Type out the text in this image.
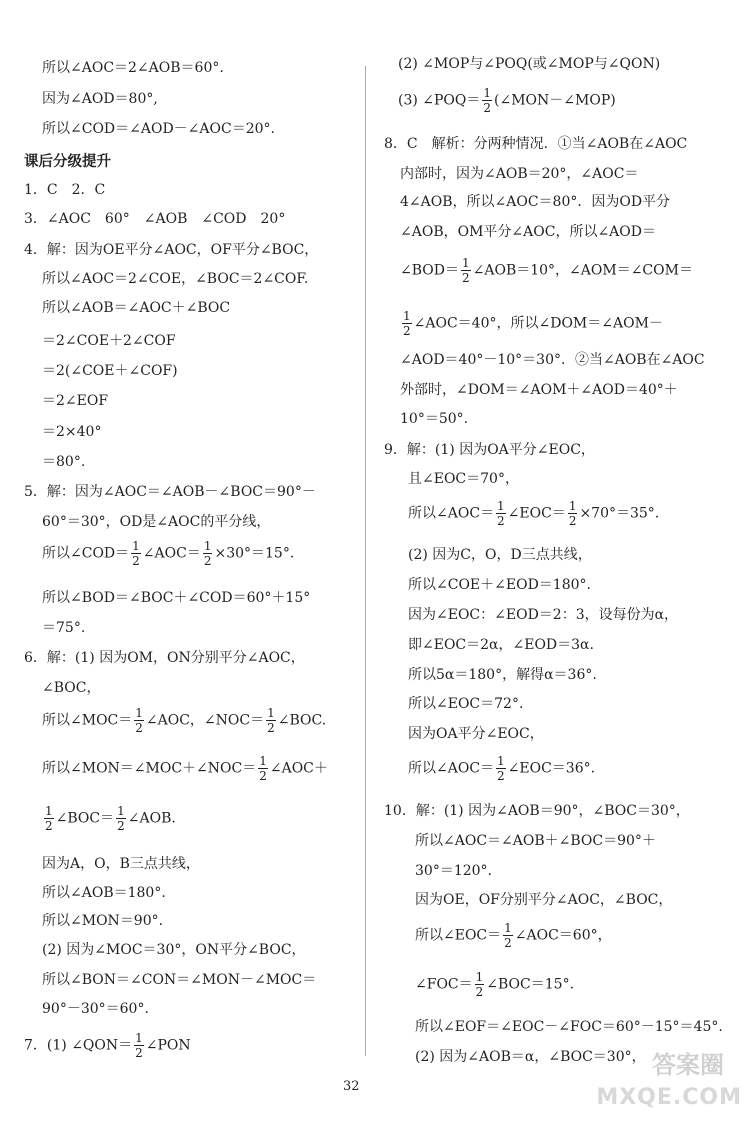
所以∠AOC＝2∠AOB＝60°.
因为∠AOD＝80°,
所以∠COD＝∠AOD－∠AOC＝20°.
课后分级提升
1．C　2．C
3．∠AOC　60°　∠AOB　∠COD　20°
4．解：因为OE平分∠AOC，OF平分∠BOC，
所以∠AOC＝2∠COE，∠BOC＝2∠COF.
所以∠AOB＝∠AOC＋∠BOC
＝2∠COE＋2∠COF
＝2(∠COE＋∠COF)
＝2∠EOF
＝2×40°
＝80°.
5．解：因为∠AOC＝∠AOB－∠BOC＝90°－
60°＝30°，OD是∠AOC的平分线，
所以∠COD＝ $\frac{1}{2}$ ∠AOC＝ $\frac{1}{2} \times 30^\circ=15^\circ$.
所以∠BOD＝∠BOC＋∠COD＝60°＋15°
＝75°.
6．解：(1) 因为OM，ON分别平分∠AOC，
∠BOC，
所以∠MOC＝ $\frac{1}{2}$ ∠AOC，∠NOC＝ $\frac{1}{2}$ ∠BOC.
所以∠MON＝∠MOC＋∠NOC＝ $\frac{1}{2}$ ∠AOC＋
$\frac{1}{2}$ ∠BOC＝ $\frac{1}{2}$ ∠AOB.
因为A，O，B三点共线，
所以∠AOB＝180°.
所以∠MON＝90°.
(2) 因为∠MOC＝30°，ON平分∠BOC，
所以∠BON＝∠CON＝∠MON－∠MOC＝
90°－30°＝60°.
7．(1) ∠QON＝ $\frac{1}{2}$ ∠PON
(2) ∠MOP与∠POQ(或∠MOP与∠QON)
(3) ∠POQ＝ $\frac{1}{2}$ (∠MON－∠MOP)
8．C　解析：分两种情况．①当∠AOB在∠AOC
内部时，因为∠AOB＝20°，∠AOC＝
4∠AOB，所以∠AOC＝80°．因为OD平分
∠AOB，OM平分∠AOC，所以∠AOD＝
∠BOD＝ $\frac{1}{2}$ ∠AOB＝10°，∠AOM＝∠COM＝
$\frac{1}{2}$ ∠AOC＝40°，所以∠DOM＝∠AOM－
∠AOD＝40°－10°＝30°．②当∠AOB在∠AOC
外部时，∠DOM＝∠AOM＋∠AOD＝40°＋
10°＝50°.
9．解：(1) 因为OA平分∠EOC，
且∠EOC＝70°，
所以∠AOC＝ $\frac{1}{2}$ ∠EOC＝ $\frac{1}{2} \times 70^\circ=35^\circ$.
(2) 因为C，O，D三点共线，
所以∠COE＋∠EOD＝180°.
因为∠EOC：∠EOD＝2：3，设每份为α，
即∠EOC＝2α，∠EOD＝3α.
所以5α＝180°，解得α＝36°.
所以∠EOC＝72°.
因为OA平分∠EOC，
所以∠AOC＝ $\frac{1}{2}$ ∠EOC＝36°.
10．解：(1) 因为∠AOB＝90°，∠BOC＝30°，
所以∠AOC＝∠AOB＋∠BOC＝90°＋
30°＝120°.
因为OE，OF分别平分∠AOC，∠BOC，
所以∠EOC＝ $\frac{1}{2}$ ∠AOC＝60°，
∠FOC＝ $\frac{1}{2}$ ∠BOC＝15°.
所以∠EOF＝∠EOC－∠FOC＝60°－15°＝45°.
(2) 因为∠AOB＝α，∠BOC＝30°，
32
答案圈
MXQE.COM
